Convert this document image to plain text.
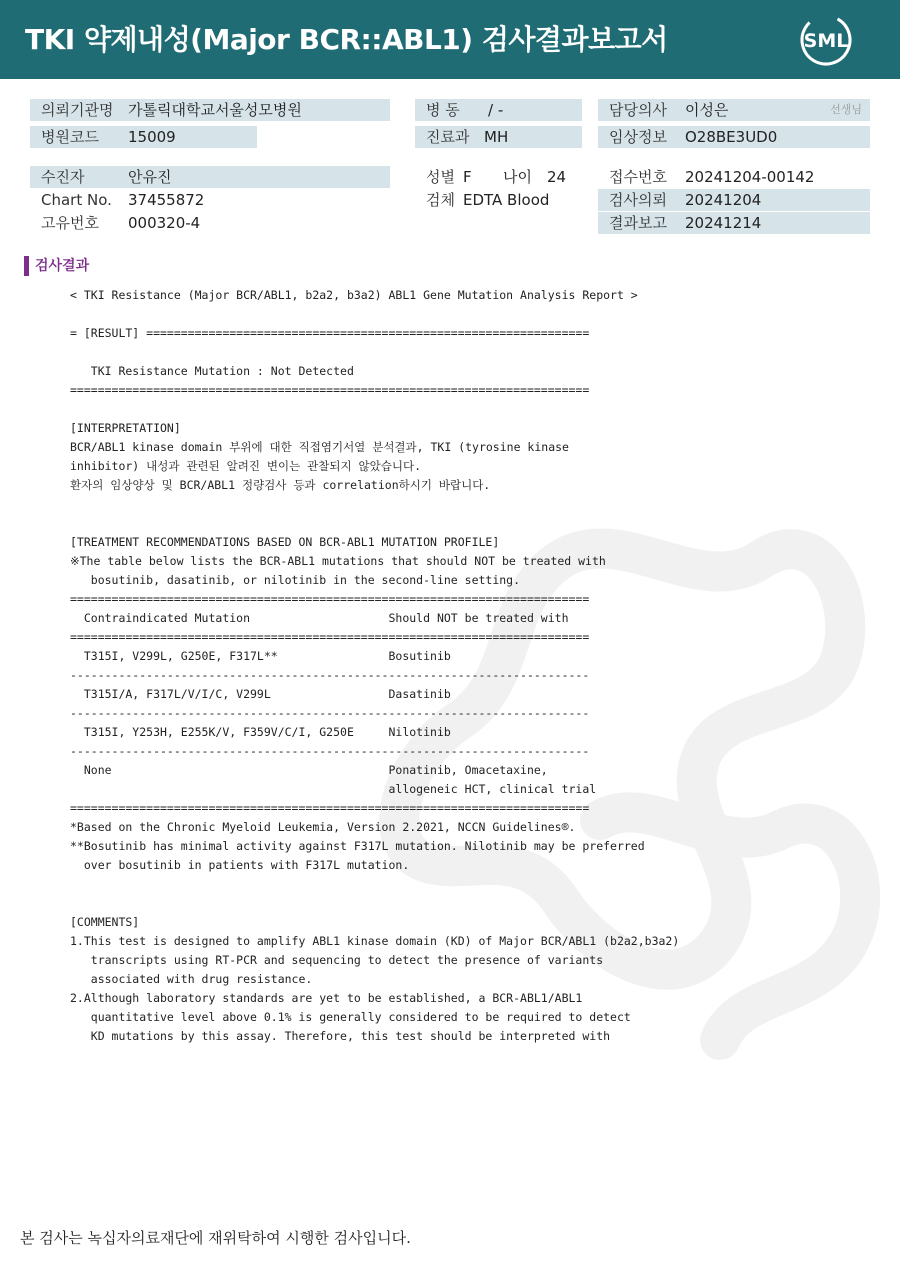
TKI 약제내성(Major BCR::ABL1) 검사결과보고서	SML
의뢰기관명 가톨릭대학교서울성모병원	병 동 / -	담당의사 이성은	선생님
병원코드 15009	진료과 MH	임상정보 O28BE3UD0
수진자	안유진	성별 F 나이 24	접수번호 20241204-00142
Chart No. 37455872	검체 EDTA Blood	검사의뢰 20241204
고유번호 000320-4	결과보고 20241214
검사결과
< TKI Resistance (Major BCR/ABL1, b2a2, b3a2) ABL1 Gene Mutation Analysis Report >
= [RESULT] ================================================================
TKI Resistance Mutation : Not Detected
===========================================================================
[INTERPRETATION]
BCR/ABL1 kinase domain 부위에 대한 직접염기서열 분석결과, TKI (tyrosine kinase
inhibitor) 내성과 관련된 알려진 변이는 관찰되지 않았습니다.
환자의 임상양상 및 BCR/ABL1 정량검사 등과 correlation하시기 바랍니다.
[TREATMENT RECOMMENDATIONS BASED ON BCR-ABL1 MUTATION PROFILE]
※The table below lists the BCR-ABL1 mutations that should NOT be treated with
bosutinib, dasatinib, or nilotinib in the second-line setting.
===========================================================================
Contraindicated Mutation                    Should NOT be treated with
===========================================================================
T315I, V299L, G250E, F317L**                Bosutinib
---------------------------------------------------------------------------
T315I/A, F317L/V/I/C, V299L                 Dasatinib
---------------------------------------------------------------------------
T315I, Y253H, E255K/V, F359V/C/I, G250E     Nilotinib
---------------------------------------------------------------------------
None                                        Ponatinib, Omacetaxine,
allogeneic HCT, clinical trial
===========================================================================
*Based on the Chronic Myeloid Leukemia, Version 2.2021, NCCN Guidelines®.
**Bosutinib has minimal activity against F317L mutation. Nilotinib may be preferred
over bosutinib in patients with F317L mutation.
[COMMENTS]
1.This test is designed to amplify ABL1 kinase domain (KD) of Major BCR/ABL1 (b2a2,b3a2)
transcripts using RT-PCR and sequencing to detect the presence of variants
associated with drug resistance.
2.Although laboratory standards are yet to be established, a BCR-ABL1/ABL1
quantitative level above 0.1% is generally considered to be required to detect
KD mutations by this assay. Therefore, this test should be interpreted with
본 검사는 녹십자의료재단에 재위탁하여 시행한 검사입니다.
